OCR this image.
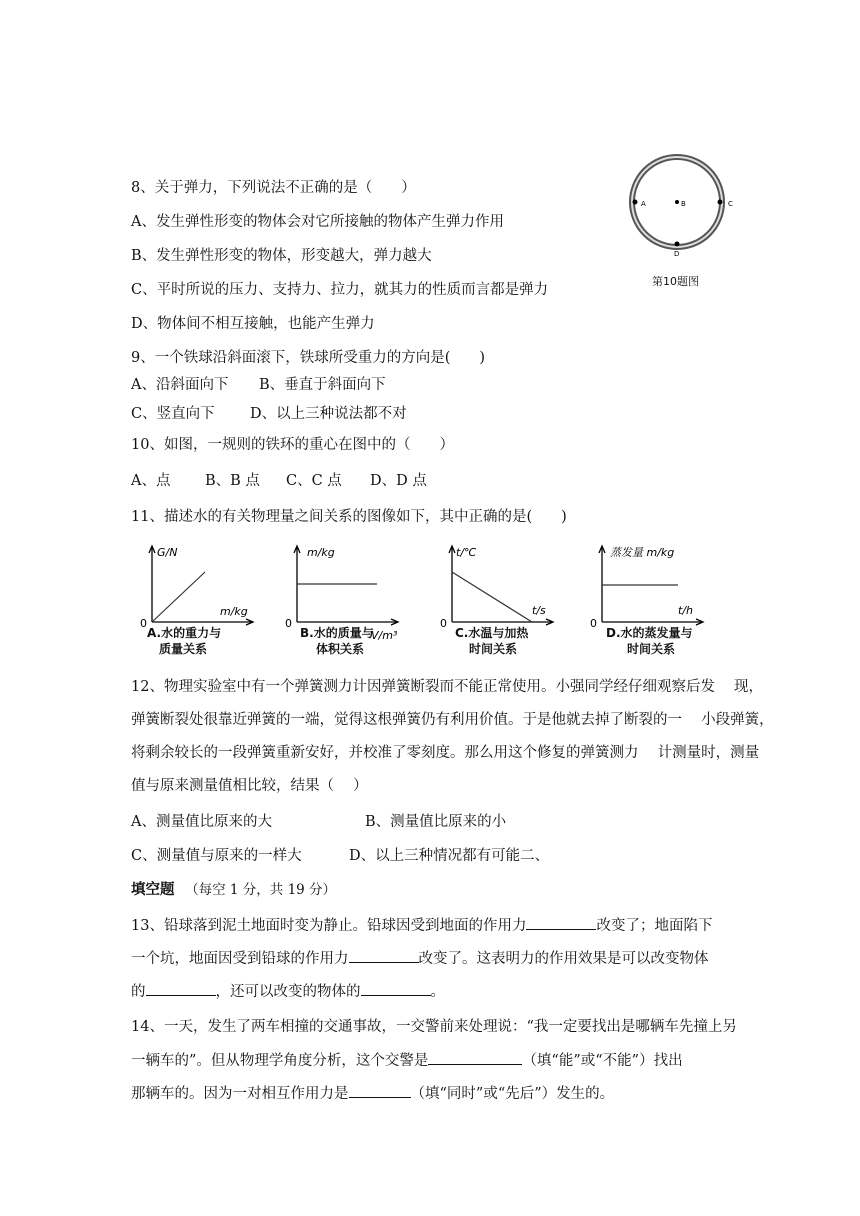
A	B	C
D
第10题图
8、关于弹力，下列说法不正确的是（　　）
A、发生弹性形变的物体会对它所接触的物体产生弹力作用
B、发生弹性形变的物体，形变越大，弹力越大
C、平时所说的压力、支持力、拉力，就其力的性质而言都是弹力
D、物体间不相互接触，也能产生弹力
9、一个铁球沿斜面滚下，铁球所受重力的方向是(　　)
A、沿斜面向下 B、垂直于斜面向下
C、竖直向下 D、以上三种说法都不对
10、如图，一规则的铁环的重心在图中的（　　）
A、点 B、B 点 C、C 点 D、D 点
11、描述水的有关物理量之间关系的图像如下，其中正确的是(　　)
G/N
m/kg
0
A.水的重力与
质量关系
m/kg
V/m³
0
B.水的质量与
体积关系
t/℃
t/s
0
C.水温与加热
时间关系
蒸发量 m/kg
t/h
0
D.水的蒸发量与
时间关系
12、物理实验室中有一个弹簧测力计因弹簧断裂而不能正常使用。小强同学经仔细观察后发　 现，
弹簧断裂处很靠近弹簧的一端，觉得这根弹簧仍有利用价值。于是他就去掉了断裂的一　 小段弹簧，
将剩余较长的一段弹簧重新安好，并校准了零刻度。那么用这个修复的弹簧测力　 计测量时，测量
值与原来测量值相比较，结果（　 ）
A、测量值比原来的大	B、测量值比原来的小
C、测量值与原来的一样大	D、以上三种情况都有可能二、
填空题 （每空 1 分，共 19 分）
13、铅球落到泥土地面时变为静止。铅球因受到地面的作用力	改变了；地面陷下
一个坑，地面因受到铅球的作用力	改变了。这表明力的作用效果是可以改变物体
的	，还可以改变的物体的	。
14、一天，发生了两车相撞的交通事故，一交警前来处理说：“我一定要找出是哪辆车先撞上另
一辆车的”。但从物理学角度分析，这个交警是	（填“能”或“不能”）找出
那辆车的。因为一对相互作用力是	（填“同时”或“先后”）发生的。
